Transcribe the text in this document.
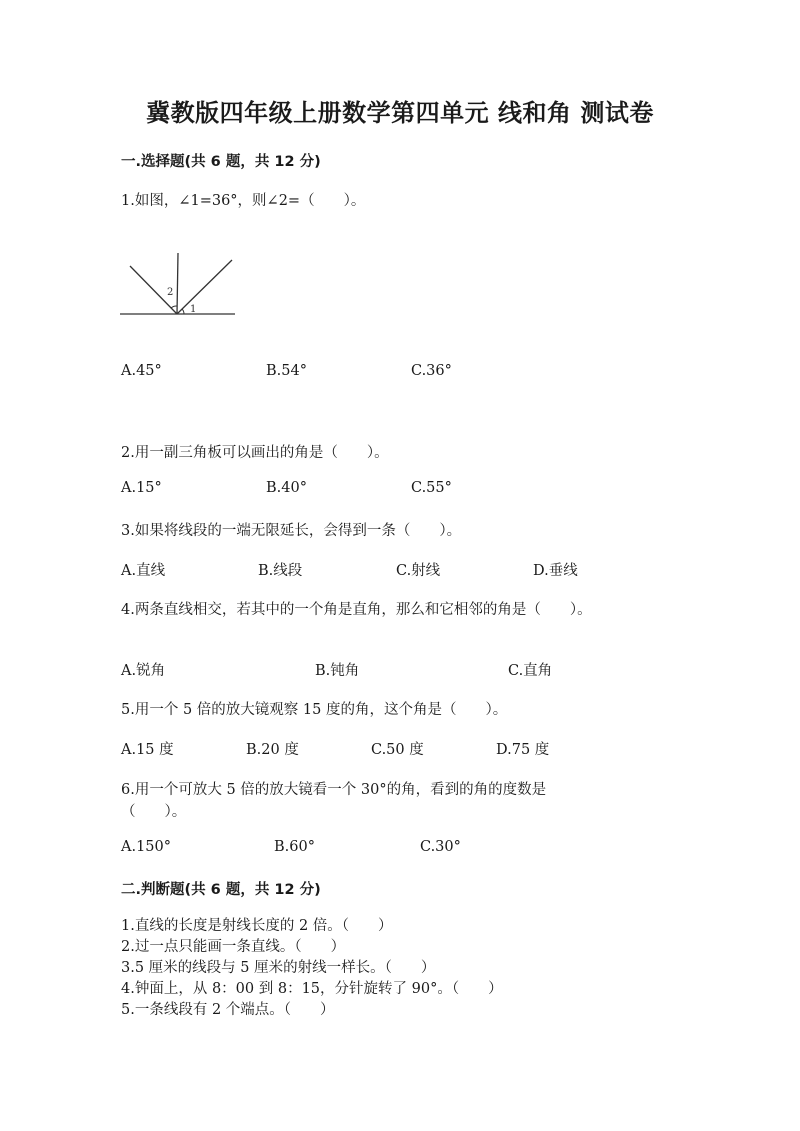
冀教版四年级上册数学第四单元 线和角 测试卷
一.选择题(共 6 题，共 12 分)
1.如图，∠1=36°，则∠2=（　　）。
2
1
A.45°	B.54°	C.36°
2.用一副三角板可以画出的角是（　　）。
A.15°	B.40°	C.55°
3.如果将线段的一端无限延长，会得到一条（　　）。
A.直线	B.线段	C.射线	D.垂线
4.两条直线相交，若其中的一个角是直角，那么和它相邻的角是（　　）。
A.锐角	B.钝角	C.直角
5.用一个 5 倍的放大镜观察 15 度的角，这个角是（　　）。
A.15 度	B.20 度	C.50 度	D.75 度
6.用一个可放大 5 倍的放大镜看一个 30°的角，看到的角的度数是
（　　）。
A.150°	B.60°	C.30°
二.判断题(共 6 题，共 12 分)
1.直线的长度是射线长度的 2 倍。（　　）
2.过一点只能画一条直线。（　　）
3.5 厘米的线段与 5 厘米的射线一样长。（　　）
4.钟面上，从 8：00 到 8：15，分针旋转了 90°。（　　）
5.一条线段有 2 个端点。（　　）
